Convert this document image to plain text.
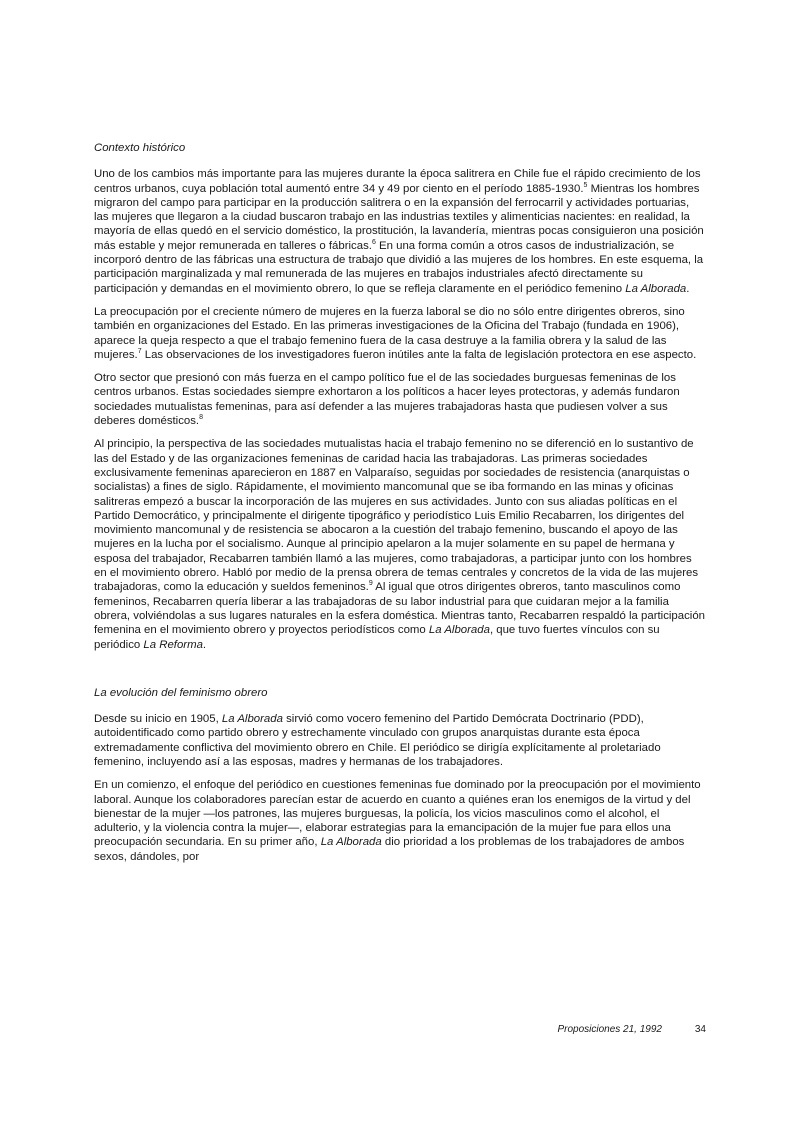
Contexto histórico

Uno de los cambios más importante para las mujeres durante la época salitrera en Chile fue el rápido crecimiento de los centros urbanos, cuya población total aumentó entre 34 y 49 por ciento en el período 1885-1930.$^5$ Mientras los hombres migraron del campo para participar en la producción salitrera o en la expansión del ferrocarril y actividades portuarias, las mujeres que llegaron a la ciudad buscaron trabajo en las industrias textiles y alimenticias nacientes: en realidad, la mayoría de ellas quedó en el servicio doméstico, la prostitución, la lavandería, mientras pocas consiguieron una posición más estable y mejor remunerada en talleres o fábricas.$^6$ En una forma común a otros casos de industrialización, se incorporó dentro de las fábricas una estructura de trabajo que dividió a las mujeres de los hombres. En este esquema, la participación marginalizada y mal remunerada de las mujeres en trabajos industriales afectó directamente su participación y demandas en el movimiento obrero, lo que se refleja claramente en el periódico femenino La Alborada.

La preocupación por el creciente número de mujeres en la fuerza laboral se dio no sólo entre dirigentes obreros, sino también en organizaciones del Estado. En las primeras investigaciones de la Oficina del Trabajo (fundada en 1906), aparece la queja respecto a que el trabajo femenino fuera de la casa destruye a la familia obrera y la salud de las mujeres.$^7$ Las observaciones de los investigadores fueron inútiles ante la falta de legislación protectora en ese aspecto.

Otro sector que presionó con más fuerza en el campo político fue el de las sociedades burguesas femeninas de los centros urbanos. Estas sociedades siempre exhortaron a los políticos a hacer leyes protectoras, y además fundaron sociedades mutualistas femeninas, para así defender a las mujeres trabajadoras hasta que pudiesen volver a sus deberes domésticos.$^8$

Al principio, la perspectiva de las sociedades mutualistas hacia el trabajo femenino no se diferenció en lo sustantivo de las del Estado y de las organizaciones femeninas de caridad hacia las trabajadoras. Las primeras sociedades exclusivamente femeninas aparecieron en 1887 en Valparaíso, seguidas por sociedades de resistencia (anarquistas o socialistas) a fines de siglo. Rápidamente, el movimiento mancomunal que se iba formando en las minas y oficinas salitreras empezó a buscar la incorporación de las mujeres en sus actividades. Junto con sus aliadas políticas en el Partido Democrático, y principalmente el dirigente tipográfico y periodístico Luis Emilio Recabarren, los dirigentes del movimiento mancomunal y de resistencia se abocaron a la cuestión del trabajo femenino, buscando el apoyo de las mujeres en la lucha por el socialismo. Aunque al principio apelaron a la mujer solamente en su papel de hermana y esposa del trabajador, Recabarren también llamó a las mujeres, como trabajadoras, a participar junto con los hombres en el movimiento obrero. Habló por medio de la prensa obrera de temas centrales y concretos de la vida de las mujeres trabajadoras, como la educación y sueldos femeninos.$^9$ Al igual que otros dirigentes obreros, tanto masculinos como femeninos, Recabarren quería liberar a las trabajadoras de su labor industrial para que cuidaran mejor a la familia obrera, volviéndolas a sus lugares naturales en la esfera doméstica. Mientras tanto, Recabarren respaldó la participación femenina en el movimiento obrero y proyectos periodísticos como La Alborada, que tuvo fuertes vínculos con su periódico La Reforma.

La evolución del feminismo obrero

Desde su inicio en 1905, La Alborada sirvió como vocero femenino del Partido Demócrata Doctrinario (PDD), autoidentificado como partido obrero y estrechamente vinculado con grupos anarquistas durante esta época extremadamente conflictiva del movimiento obrero en Chile. El periódico se dirigía explícitamente al proletariado femenino, incluyendo así a las esposas, madres y hermanas de los trabajadores.

En un comienzo, el enfoque del periódico en cuestiones femeninas fue dominado por la preocupación por el movimiento laboral. Aunque los colaboradores parecían estar de acuerdo en cuanto a quiénes eran los enemigos de la virtud y del bienestar de la mujer —los patrones, las mujeres burguesas, la policía, los vicios masculinos como el alcohol, el adulterio, y la violencia contra la mujer—, elaborar estrategias para la emancipación de la mujer fue para ellos una preocupación secundaria. En su primer año, La Alborada dio prioridad a los problemas de los trabajadores de ambos sexos, dándoles, por

Proposiciones 21, 1992	34
